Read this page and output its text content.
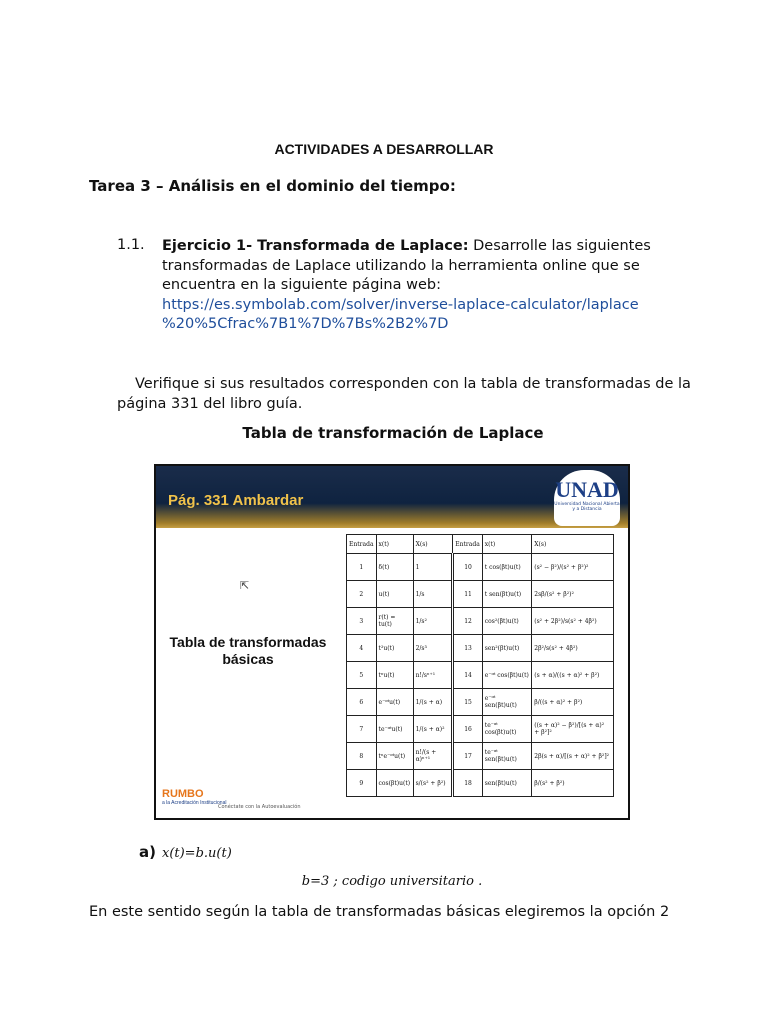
ACTIVIDADES A DESARROLLAR
Tarea 3 – Análisis en el dominio del tiempo:
1.1. Ejercicio 1- Transformada de Laplace: Desarrolle las siguientes transformadas de Laplace utilizando la herramienta online que se encuentra en la siguiente página web:
https://es.symbolab.com/solver/inverse-laplace-calculator/laplace
%20%5Cfrac%7B1%7D%7Bs%2B2%7D
Verifique si sus resultados corresponden con la tabla de transformadas de la página 331 del libro guía.
Tabla de transformación de Laplace
Pág. 331 Ambardar	UNAD
Universidad Nacional Abierta y a Distancia
⇱
Tabla de transformadas
básicas
RUMBO
a la Acreditación Institucional
Conéctate con la Autoevaluación
Entrada	x(t)	X(s)	Entrada	x(t)	X(s)
1	δ(t)	1	10	t cos(βt)u(t)	(s² − β²)/(s² + β²)²
2	u(t)	1/s	11	t sen(βt)u(t)	2sβ/(s² + β²)²
3	r(t) = tu(t)	1/s²	12	cos²(βt)u(t)	(s² + 2β²)/s(s² + 4β²)
4	t²u(t)	2/s³	13	sen²(βt)u(t)	2β²/s(s² + 4β²)
5	tⁿu(t)	n!/sⁿ⁺¹	14	e⁻ᵅᵗ cos(βt)u(t)	(s + α)/((s + α)² + β²)
6	e⁻ᵅᵗu(t)	1/(s + α)	15	e⁻ᵅᵗ sen(βt)u(t)	β/((s + α)² + β²)
7	te⁻ᵅᵗu(t)	1/(s + α)²	16	te⁻ᵅᵗ cos(βt)u(t)	((s + α)² − β²)/[(s + α)² + β²]²
8	tⁿe⁻ᵅᵗu(t)	n!/(s + α)ⁿ⁺¹	17	te⁻ᵅᵗ sen(βt)u(t)	2β(s + α)/[(s + α)² + β²]²
9	cos(βt)u(t)	s/(s² + β²)	18	sen(βt)u(t)	β/(s² + β²)
a) x(t)=b.u(t)
b=3 ; codigo universitario .
En este sentido según la tabla de transformadas básicas elegiremos la opción 2
